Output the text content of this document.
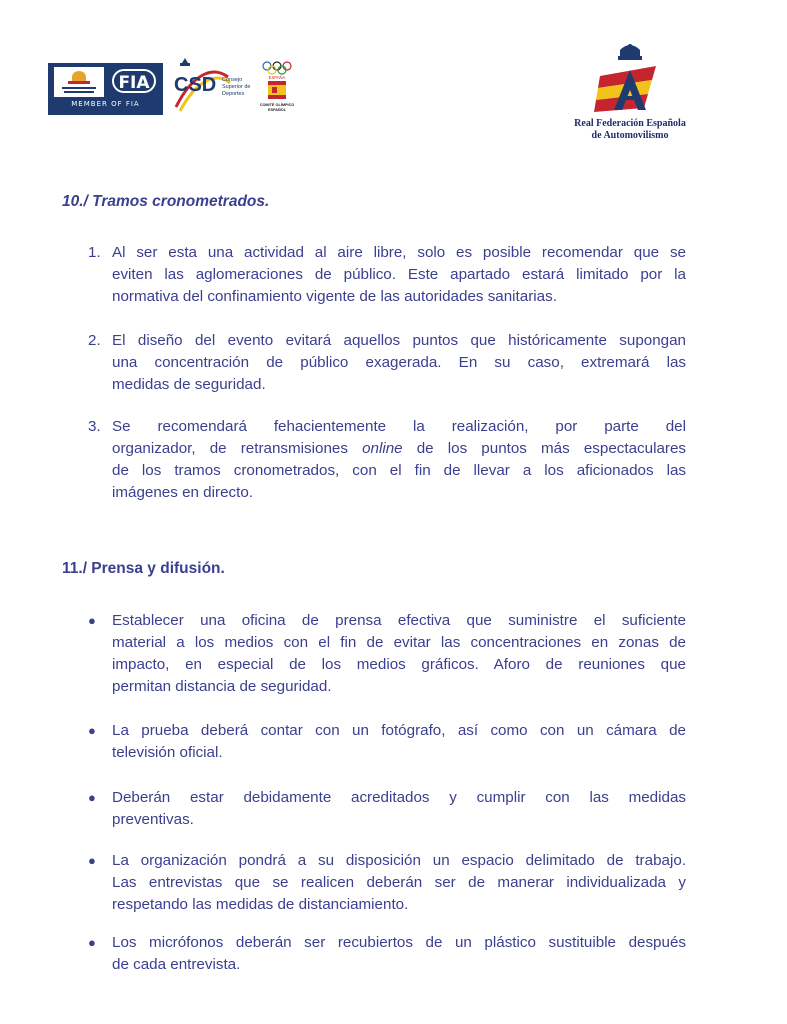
FIA
MEMBER OF FIA
CSD Consejo
Superior de
Deportes
ESPAÑA
COMITÉ OLÍMPICO
ESPAÑOL
Real Federación Española
de Automovilismo
10./ Tramos cronometrados.
1. Al ser esta una actividad al aire libre, solo es posible recomendar que se
eviten las aglomeraciones de público. Este apartado estará limitado por la
normativa del confinamiento vigente de las autoridades sanitarias.
2. El diseño del evento evitará aquellos puntos que históricamente supongan
una concentración de público exagerada. En su caso, extremará las
medidas de seguridad.
3. Se recomendará fehacientemente la realización, por parte del
organizador, de retransmisiones online de los puntos más espectaculares
de los tramos cronometrados, con el fin de llevar a los aficionados las
imágenes en directo.
11./ Prensa y difusión.
● Establecer una oficina de prensa efectiva que suministre el suficiente
material a los medios con el fin de evitar las concentraciones en zonas de
impacto, en especial de los medios gráficos. Aforo de reuniones que
permitan distancia de seguridad.
● La prueba deberá contar con un fotógrafo, así como con un cámara de
televisión oficial.
● Deberán estar debidamente acreditados y cumplir con las medidas
preventivas.
● La organización pondrá a su disposición un espacio delimitado de trabajo.
Las entrevistas que se realicen deberán ser de manerar individualizada y
respetando las medidas de distanciamiento.
● Los micrófonos deberán ser recubiertos de un plástico sustituible después
de cada entrevista.
